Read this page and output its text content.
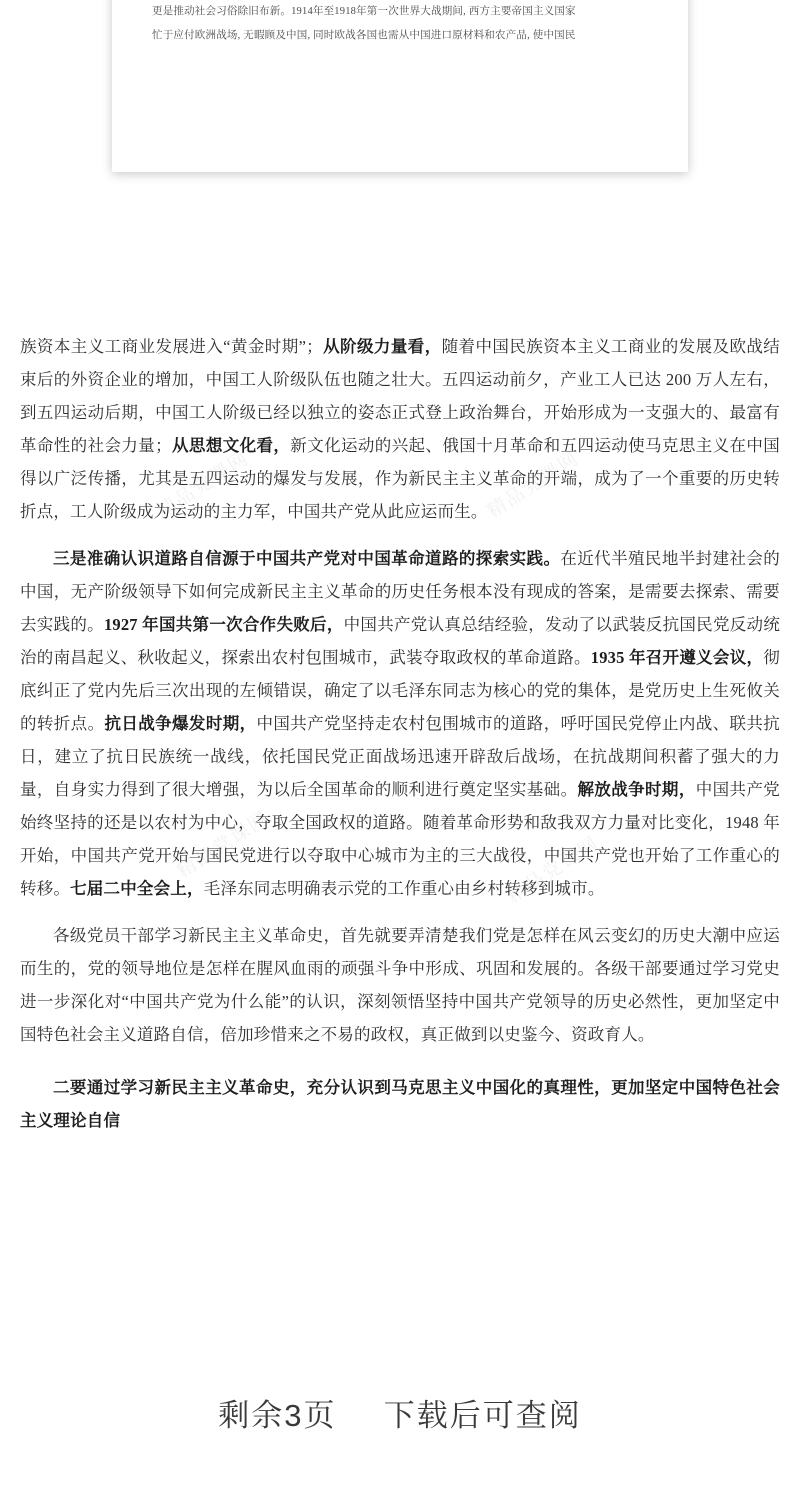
更是推动社会习俗除旧布新。1914年至1918年第一次世界大战期间, 西方主要帝国主义国家
忙于应付欧洲战场, 无暇顾及中国, 同时欧战各国也需从中国进口原材料和农产品, 使中国民

族资本主义工商业发展进入“黄金时期”；从阶级力量看，随着中国民族资本主义工商业的发展及欧战结束后的外资企业的增加，中国工人阶级队伍也随之壮大。五四运动前夕，产业工人已达 200 万人左右，到五四运动后期，中国工人阶级已经以独立的姿态正式登上政治舞台，开始形成为一支强大的、最富有革命性的社会力量；从思想文化看，新文化运动的兴起、俄国十月革命和五四运动使马克思主义在中国得以广泛传播，尤其是五四运动的爆发与发展，作为新民主主义革命的开端，成为了一个重要的历史转折点，工人阶级成为运动的主力军，中国共产党从此应运而生。

三是准确认识道路自信源于中国共产党对中国革命道路的探索实践。在近代半殖民地半封建社会的中国，无产阶级领导下如何完成新民主主义革命的历史任务根本没有现成的答案，是需要去探索、需要去实践的。1927 年国共第一次合作失败后，中国共产党认真总结经验，发动了以武装反抗国民党反动统治的南昌起义、秋收起义，探索出农村包围城市，武装夺取政权的革命道路。1935 年召开遵义会议，彻底纠正了党内先后三次出现的左倾错误，确定了以毛泽东同志为核心的党的集体，是党历史上生死攸关的转折点。抗日战争爆发时期，中国共产党坚持走农村包围城市的道路，呼吁国民党停止内战、联共抗日，建立了抗日民族统一战线，依托国民党正面战场迅速开辟敌后战场，在抗战期间积蓄了强大的力量，自身实力得到了很大增强，为以后全国革命的顺利进行奠定坚实基础。解放战争时期，中国共产党始终坚持的还是以农村为中心，夺取全国政权的道路。随着革命形势和敌我双方力量对比变化，1948 年开始，中国共产党开始与国民党进行以夺取中心城市为主的三大战役，中国共产党也开始了工作重心的转移。七届二中全会上，毛泽东同志明确表示党的工作重心由乡村转移到城市。

各级党员干部学习新民主主义革命史，首先就要弄清楚我们党是怎样在风云变幻的历史大潮中应运而生的，党的领导地位是怎样在腥风血雨的顽强斗争中形成、巩固和发展的。各级干部要通过学习党史进一步深化对“中国共产党为什么能”的认识，深刻领悟坚持中国共产党领导的历史必然性，更加坚定中国特色社会主义道路自信，倍加珍惜来之不易的政权，真正做到以史鉴今、资政育人。

二要通过学习新民主主义革命史，充分认识到马克思主义中国化的真理性，更加坚定中国特色社会主义理论自信

精品党课网	精品党课网
精品党课网	精品党课网
剩余3页 下载后可查阅
